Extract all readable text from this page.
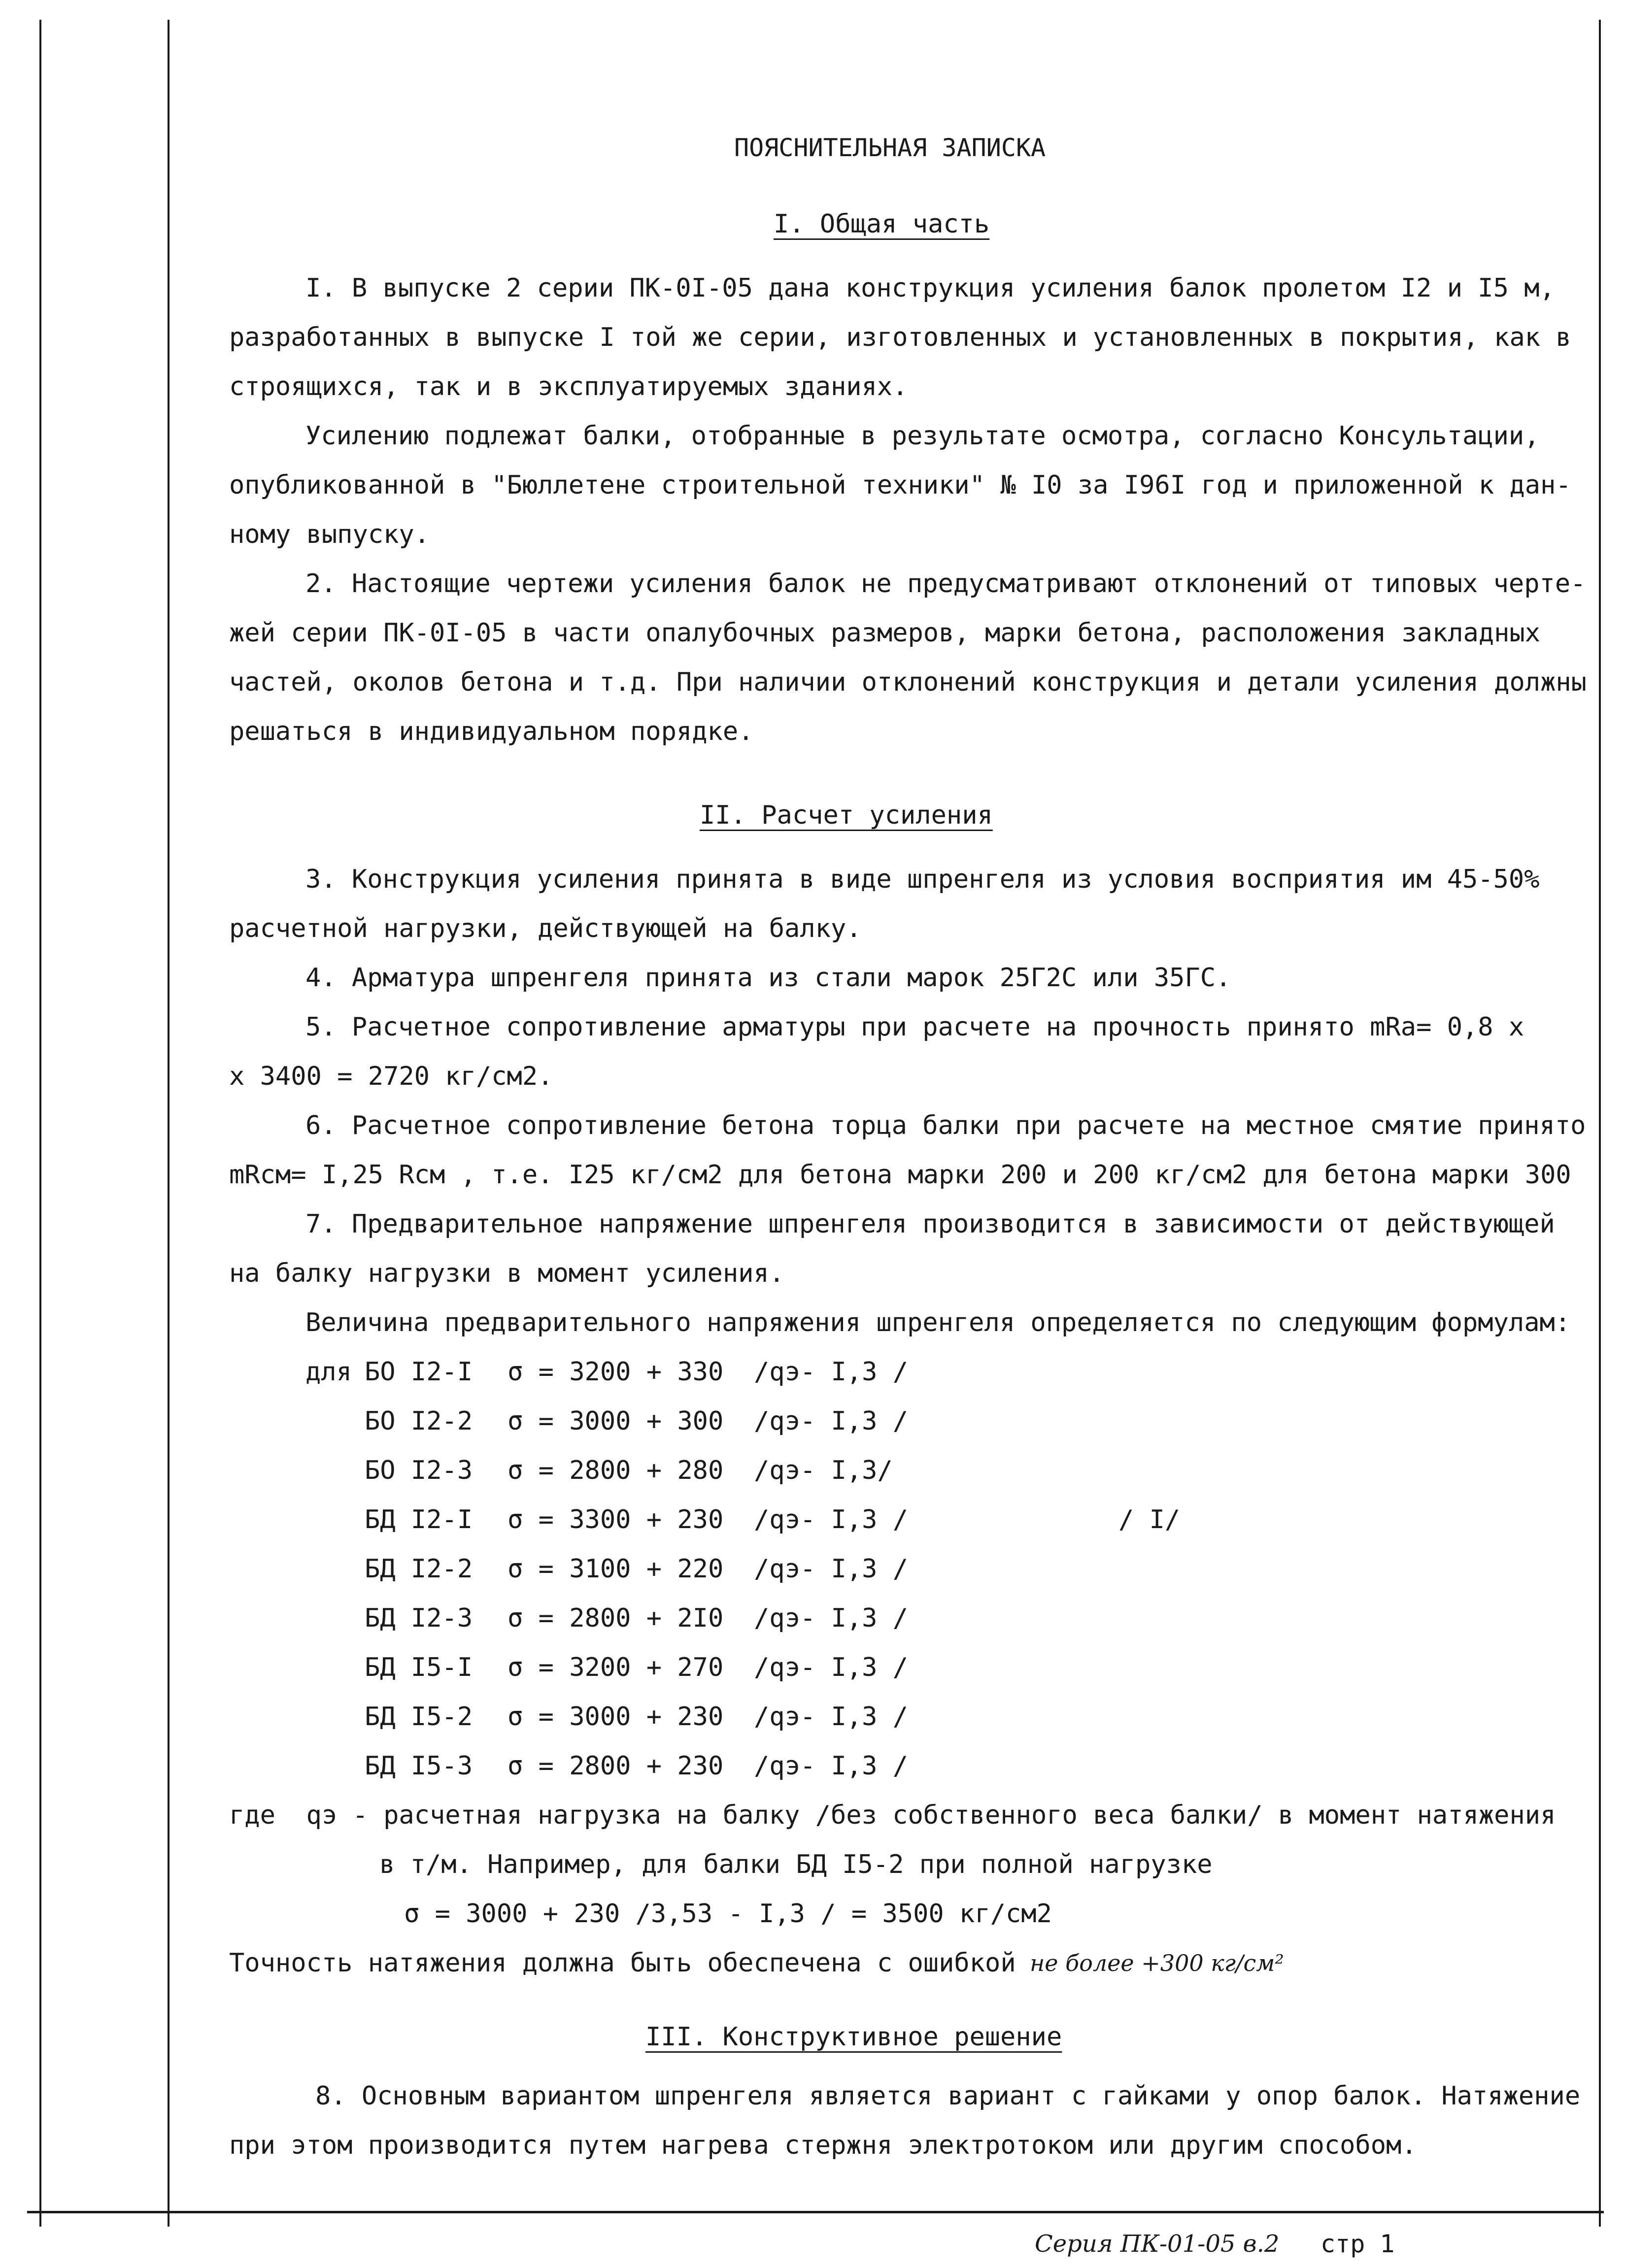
ПОЯСНИТЕЛЬНАЯ ЗАПИСКА
I. Общая часть
I. В выпуске 2 серии ПК-0I-05 дана конструкция усиления балок пролетом I2 и I5 м,
разработанных в выпуске I той же серии, изготовленных и установленных в покрытия, как в
строящихся, так и в эксплуатируемых зданиях.
Усилению подлежат балки, отобранные в результате осмотра, согласно Консультации,
опубликованной в "Бюллетене строительной техники" № I0 за I96I год и приложенной к дан-
ному выпуску.
2. Настоящие чертежи усиления балок не предусматривают отклонений от типовых черте-
жей серии ПК-0I-05 в части опалубочных размеров, марки бетона, расположения закладных
частей, околов бетона и т.д. При наличии отклонений конструкция и детали усиления должны
решаться в индивидуальном порядке.
II. Расчет усиления
3. Конструкция усиления принята в виде шпренгеля из условия восприятия им 45-50%
расчетной нагрузки, действующей на балку.
4. Арматура шпренгеля принята из стали марок 25Г2С или 35ГС.
5. Расчетное сопротивление арматуры при расчете на прочность принято mRа= 0,8 x
x 3400 = 2720 кг/см2.
6. Расчетное сопротивление бетона торца балки при расчете на местное смятие принято
mRсм= I,25 Rсм , т.е. I25 кг/см2 для бетона марки 200 и 200 кг/см2 для бетона марки 300
7. Предварительное напряжение шпренгеля производится в зависимости от действующей
на балку нагрузки в момент усиления.
Величина предварительного напряжения шпренгеля определяется по следующим формулам:
для БО I2-I σ = 3200 + 330 /qэ- I,3 /
БО I2-2 σ = 3000 + 300 /qэ- I,3 /
БО I2-3 σ = 2800 + 280 /qэ- I,3/
БД I2-I σ = 3300 + 230 /qэ- I,3 /	/ I/
БД I2-2 σ = 3100 + 220 /qэ- I,3 /
БД I2-3 σ = 2800 + 2I0 /qэ- I,3 /
БД I5-I σ = 3200 + 270 /qэ- I,3 /
БД I5-2 σ = 3000 + 230 /qэ- I,3 /
БД I5-3 σ = 2800 + 230 /qэ- I,3 /
где  qэ - расчетная нагрузка на балку /без собственного веса балки/ в момент натяжения
в т/м. Например, для балки БД I5-2 при полной нагрузке
σ = 3000 + 230 /3,53 - I,3 / = 3500 кг/см2
Точность натяжения должна быть обеспечена с ошибкой не более +300 кг/см²
III. Конструктивное решение
8. Основным вариантом шпренгеля является вариант с гайками у опор балок. Натяжение
при этом производится путем нагрева стержня электротоком или другим способом.
Серия ПК-01-05 в.2 стр 1
